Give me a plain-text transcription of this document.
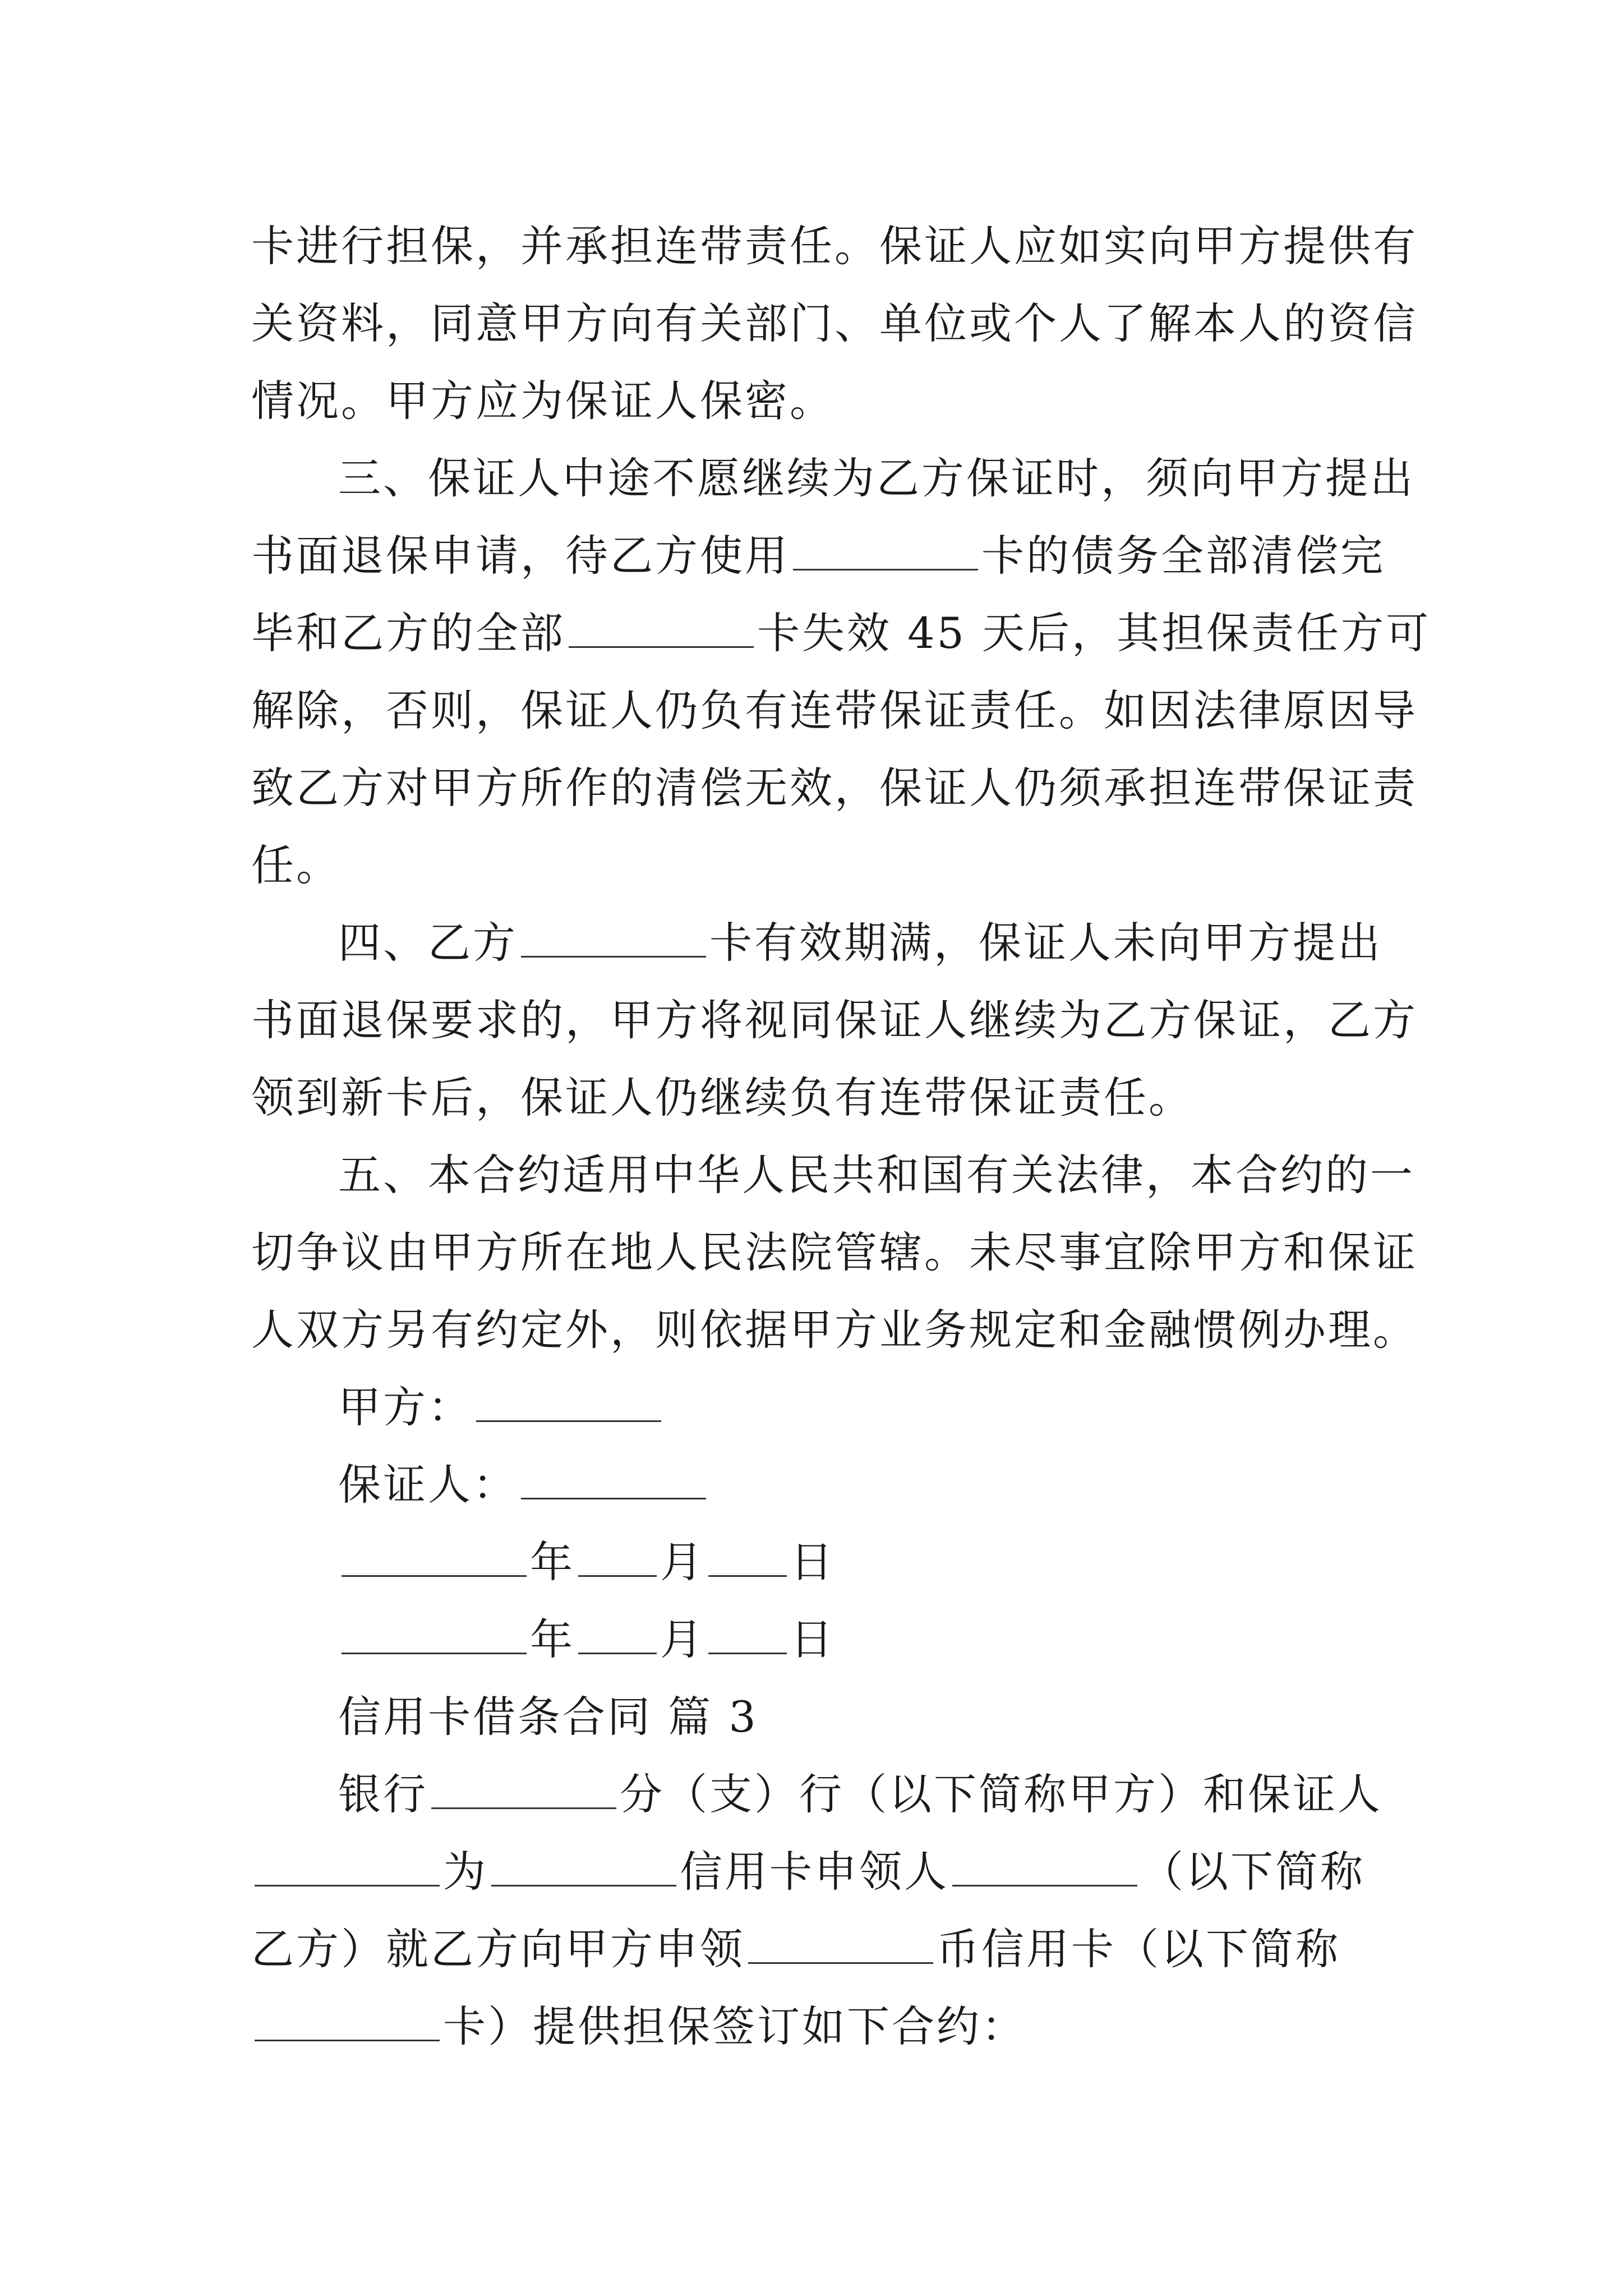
卡进行担保，并承担连带责任。保证人应如实向甲方提供有
关资料，同意甲方向有关部门、单位或个人了解本人的资信
情况。甲方应为保证人保密。
三、保证人中途不愿继续为乙方保证时，须向甲方提出
书面退保申请，待乙方使用	卡的债务全部清偿完
毕和乙方的全部	卡失效 45 天后，其担保责任方可
解除，否则，保证人仍负有连带保证责任。如因法律原因导
致乙方对甲方所作的清偿无效，保证人仍须承担连带保证责
任。
四、乙方	卡有效期满，保证人未向甲方提出
书面退保要求的，甲方将视同保证人继续为乙方保证，乙方
领到新卡后，保证人仍继续负有连带保证责任。
五、本合约适用中华人民共和国有关法律，本合约的一
切争议由甲方所在地人民法院管辖。未尽事宜除甲方和保证
人双方另有约定外，则依据甲方业务规定和金融惯例办理。
甲方：
保证人：
年 月 日
年 月 日
信用卡借条合同 篇 3
银行	分（支）行（以下简称甲方）和保证人
为	信用卡申领人	（以下简称
乙方）就乙方向甲方申领	币信用卡（以下简称
卡）提供担保签订如下合约：
